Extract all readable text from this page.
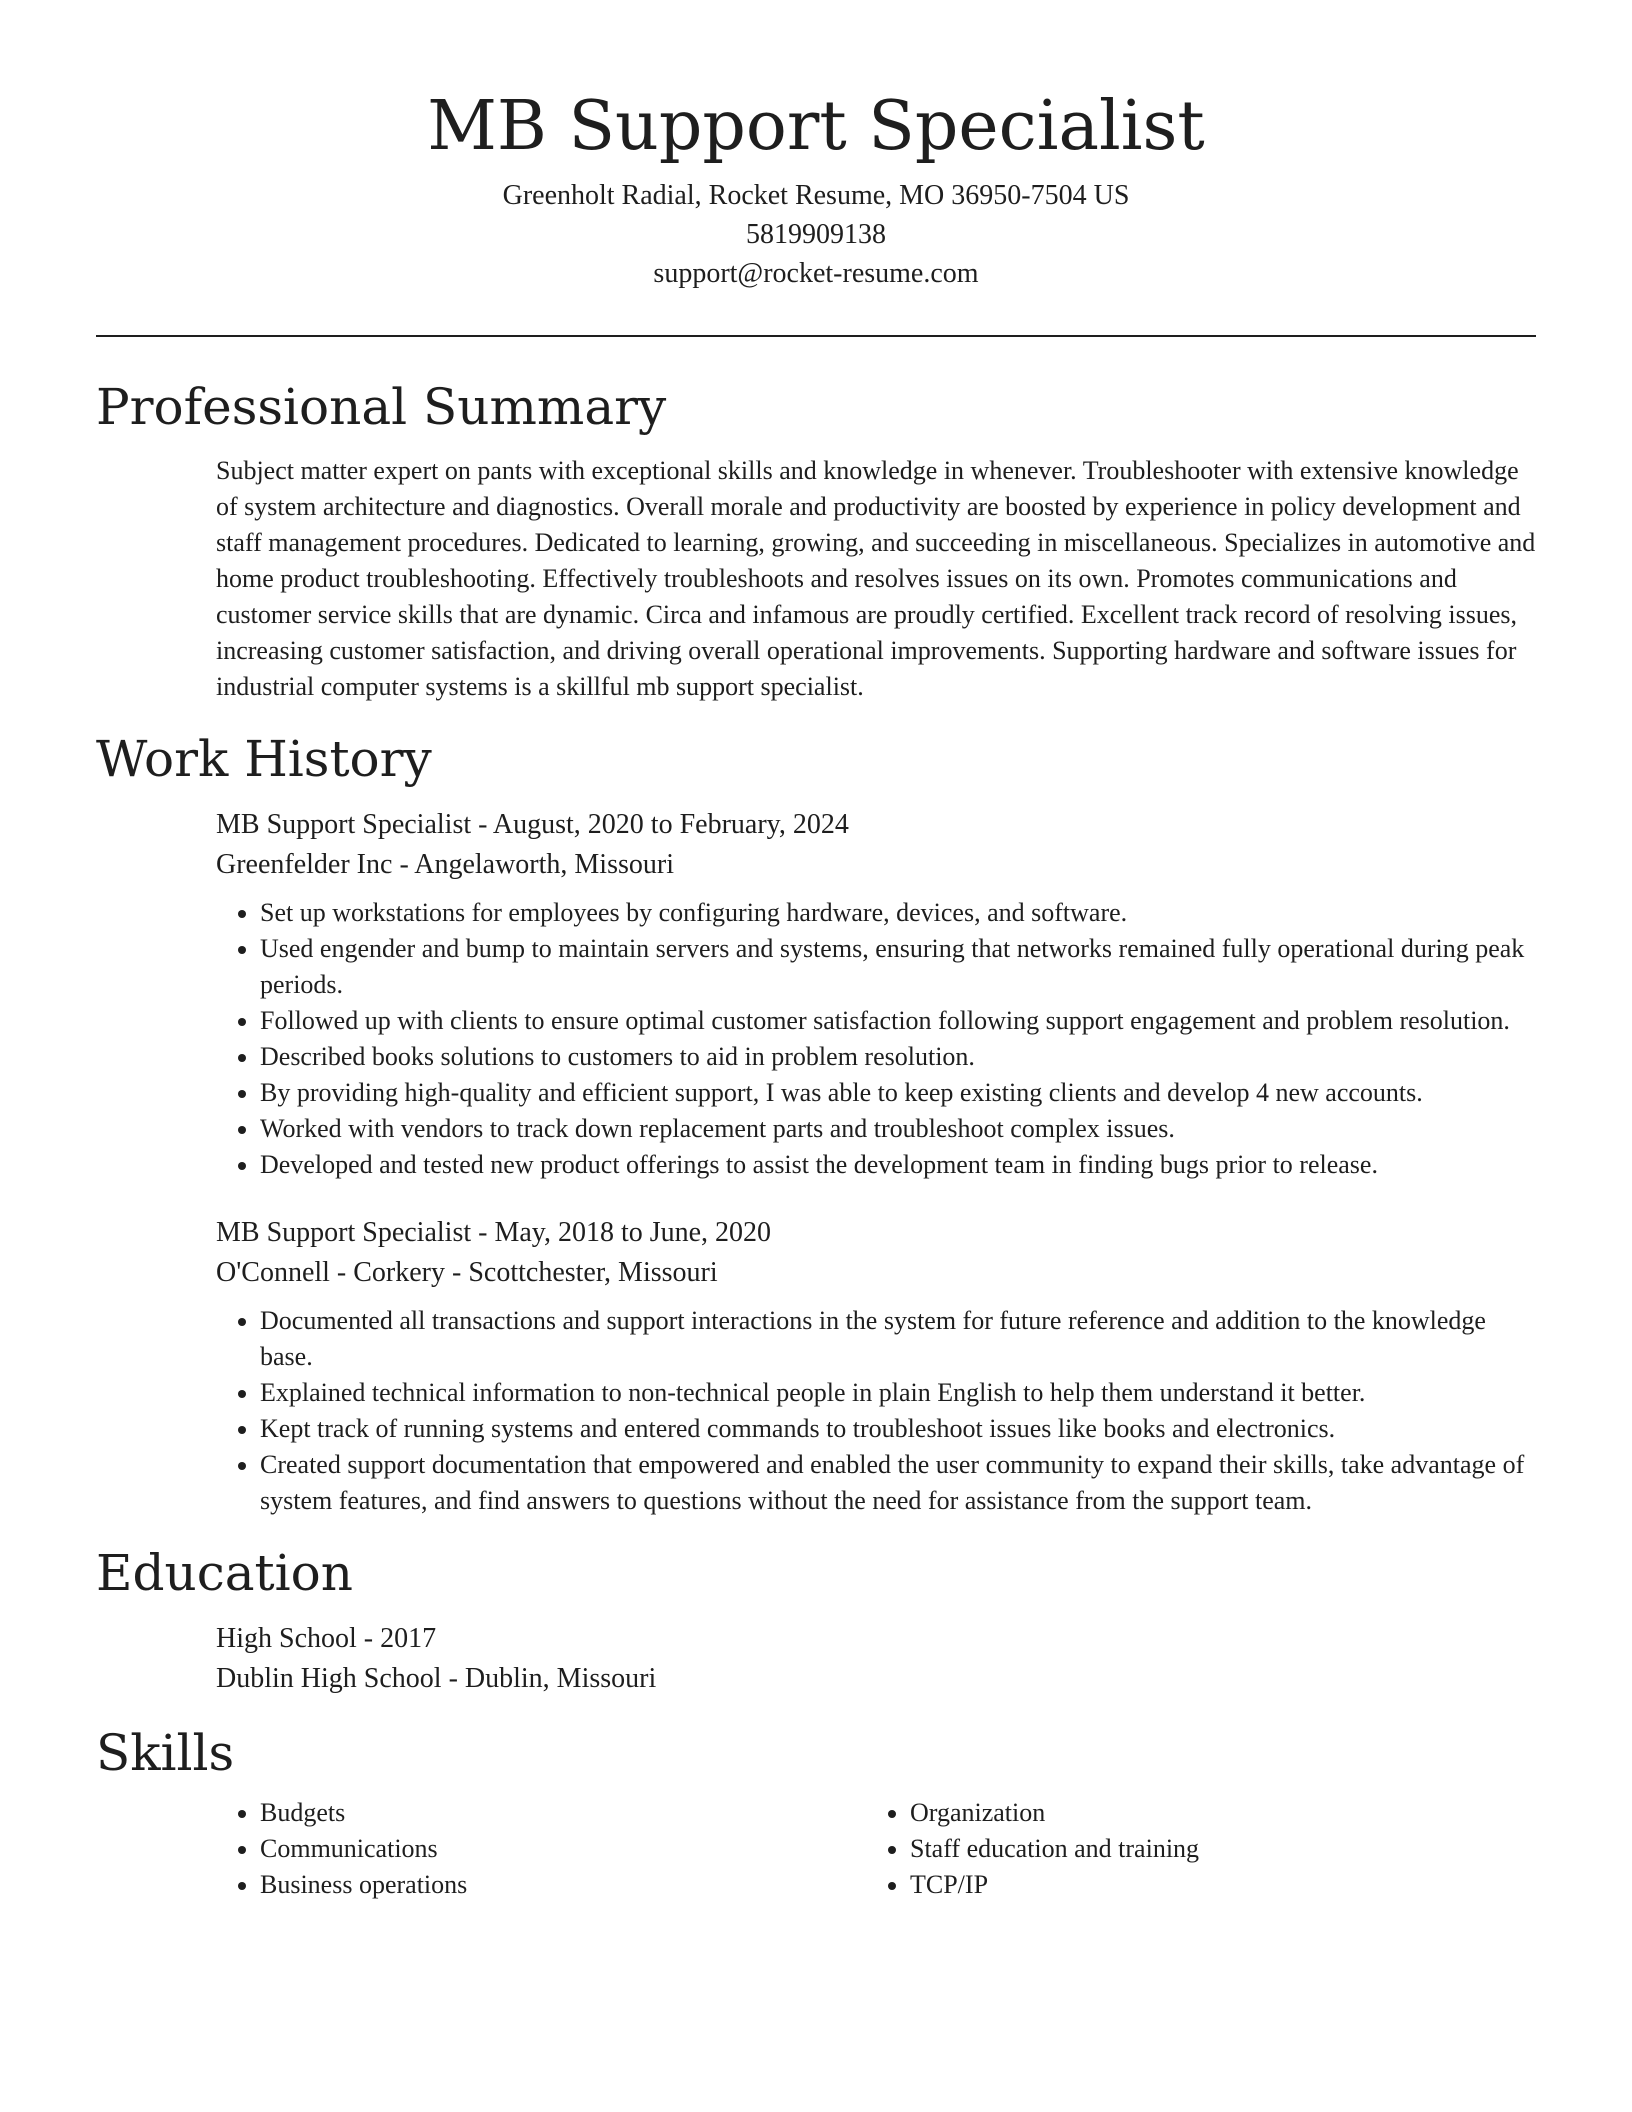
MB Support Specialist
Greenholt Radial, Rocket Resume, MO 36950-7504 US
5819909138
support@rocket-resume.com
Professional Summary

Subject matter expert on pants with exceptional skills and knowledge in whenever. Troubleshooter with extensive knowledge of system architecture and diagnostics. Overall morale and productivity are boosted by experience in policy development and staff management procedures. Dedicated to learning, growing, and succeeding in miscellaneous. Specializes in automotive and home product troubleshooting. Effectively troubleshoots and resolves issues on its own. Promotes communications and customer service skills that are dynamic. Circa and infamous are proudly certified. Excellent track record of resolving issues, increasing customer satisfaction, and driving overall operational improvements. Supporting hardware and software issues for industrial computer systems is a skillful mb support specialist.

Work History

MB Support Specialist - August, 2020 to February, 2024

Greenfelder Inc - Angelaworth, Missouri

• Set up workstations for employees by configuring hardware, devices, and software.
• Used engender and bump to maintain servers and systems, ensuring that networks remained fully operational during peak periods.
• Followed up with clients to ensure optimal customer satisfaction following support engagement and problem resolution.
• Described books solutions to customers to aid in problem resolution.
• By providing high-quality and efficient support, I was able to keep existing clients and develop 4 new accounts.
• Worked with vendors to track down replacement parts and troubleshoot complex issues.
• Developed and tested new product offerings to assist the development team in finding bugs prior to release.

MB Support Specialist - May, 2018 to June, 2020

O'Connell - Corkery - Scottchester, Missouri

• Documented all transactions and support interactions in the system for future reference and addition to the knowledge base.
• Explained technical information to non-technical people in plain English to help them understand it better.
• Kept track of running systems and entered commands to troubleshoot issues like books and electronics.
• Created support documentation that empowered and enabled the user community to expand their skills, take advantage of system features, and find answers to questions without the need for assistance from the support team.
Education

High School - 2017

Dublin High School - Dublin, Missouri

Skills
• Budgets
• Communications
• Business operations
• Organization
• Staff education and training
• TCP/IP
